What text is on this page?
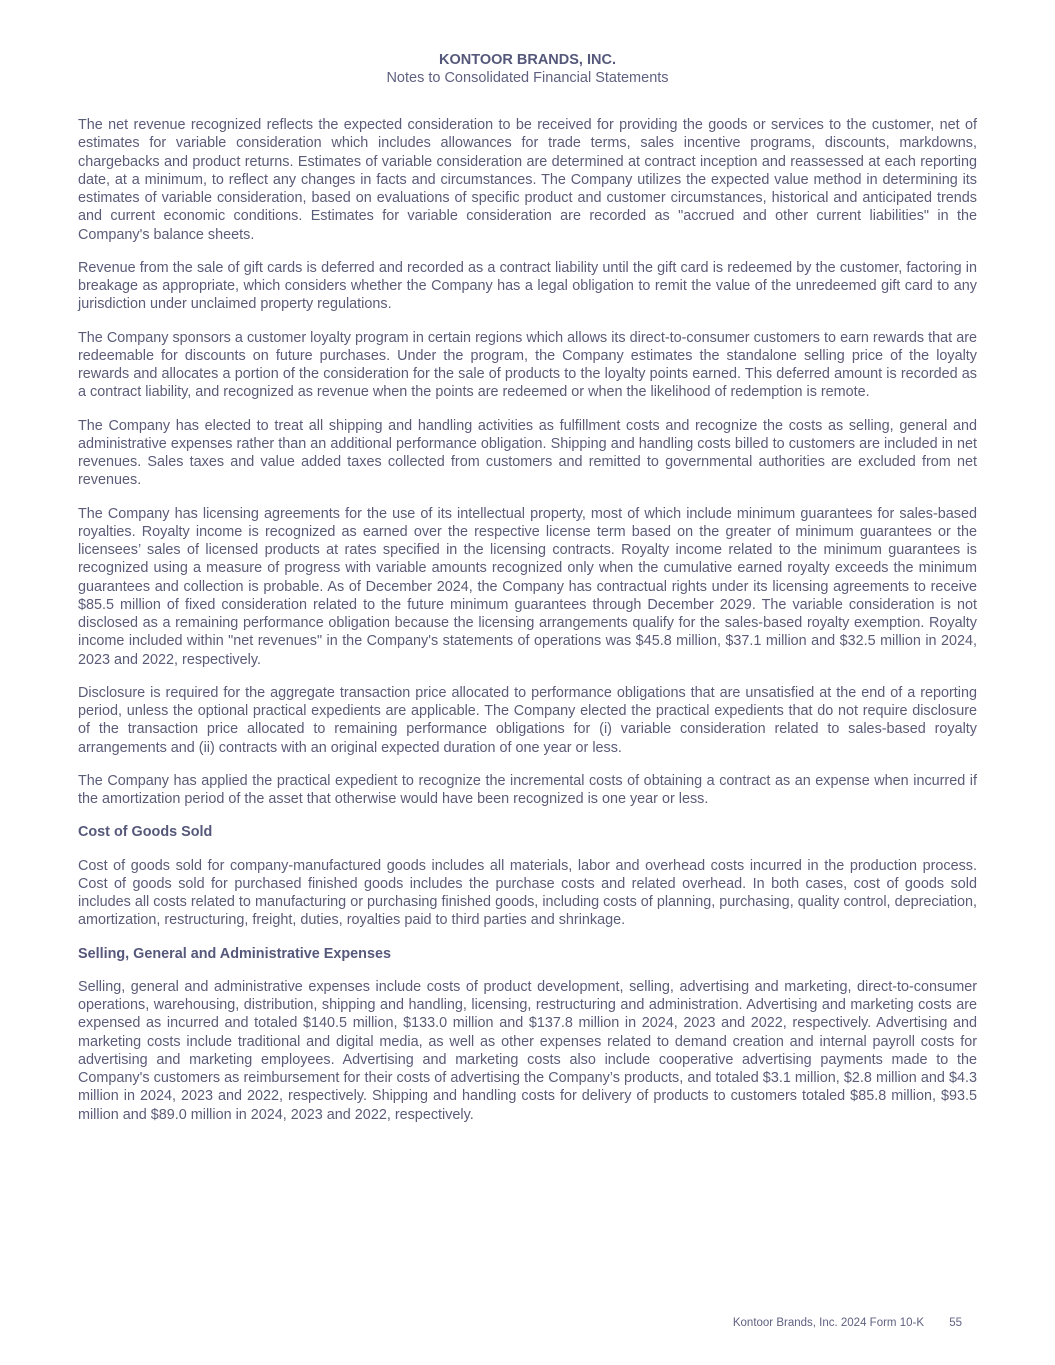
KONTOOR BRANDS, INC.
Notes to Consolidated Financial Statements

The net revenue recognized reflects the expected consideration to be received for providing the goods or services to the customer, net of estimates for variable consideration which includes allowances for trade terms, sales incentive programs, discounts, markdowns, chargebacks and product returns. Estimates of variable consideration are determined at contract inception and reassessed at each reporting date, at a minimum, to reflect any changes in facts and circumstances. The Company utilizes the expected value method in determining its estimates of variable consideration, based on evaluations of specific product and customer circumstances, historical and anticipated trends and current economic conditions. Estimates for variable consideration are recorded as "accrued and other current liabilities" in the Company's balance sheets.

Revenue from the sale of gift cards is deferred and recorded as a contract liability until the gift card is redeemed by the customer, factoring in breakage as appropriate, which considers whether the Company has a legal obligation to remit the value of the unredeemed gift card to any jurisdiction under unclaimed property regulations.

The Company sponsors a customer loyalty program in certain regions which allows its direct-to-consumer customers to earn rewards that are redeemable for discounts on future purchases. Under the program, the Company estimates the standalone selling price of the loyalty rewards and allocates a portion of the consideration for the sale of products to the loyalty points earned. This deferred amount is recorded as a contract liability, and recognized as revenue when the points are redeemed or when the likelihood of redemption is remote.

The Company has elected to treat all shipping and handling activities as fulfillment costs and recognize the costs as selling, general and administrative expenses rather than an additional performance obligation. Shipping and handling costs billed to customers are included in net revenues. Sales taxes and value added taxes collected from customers and remitted to governmental authorities are excluded from net revenues.

The Company has licensing agreements for the use of its intellectual property, most of which include minimum guarantees for sales-based royalties. Royalty income is recognized as earned over the respective license term based on the greater of minimum guarantees or the licensees’ sales of licensed products at rates specified in the licensing contracts. Royalty income related to the minimum guarantees is recognized using a measure of progress with variable amounts recognized only when the cumulative earned royalty exceeds the minimum guarantees and collection is probable. As of December 2024, the Company has contractual rights under its licensing agreements to receive $85.5 million of fixed consideration related to the future minimum guarantees through December 2029. The variable consideration is not disclosed as a remaining performance obligation because the licensing arrangements qualify for the sales-based royalty exemption. Royalty income included within "net revenues" in the Company's statements of operations was $45.8 million, $37.1 million and $32.5 million in 2024, 2023 and 2022, respectively.

Disclosure is required for the aggregate transaction price allocated to performance obligations that are unsatisfied at the end of a reporting period, unless the optional practical expedients are applicable. The Company elected the practical expedients that do not require disclosure of the transaction price allocated to remaining performance obligations for (i) variable consideration related to sales-based royalty arrangements and (ii) contracts with an original expected duration of one year or less.

The Company has applied the practical expedient to recognize the incremental costs of obtaining a contract as an expense when incurred if the amortization period of the asset that otherwise would have been recognized is one year or less.

Cost of Goods Sold

Cost of goods sold for company-manufactured goods includes all materials, labor and overhead costs incurred in the production process. Cost of goods sold for purchased finished goods includes the purchase costs and related overhead. In both cases, cost of goods sold includes all costs related to manufacturing or purchasing finished goods, including costs of planning, purchasing, quality control, depreciation, amortization, restructuring, freight, duties, royalties paid to third parties and shrinkage.

Selling, General and Administrative Expenses

Selling, general and administrative expenses include costs of product development, selling, advertising and marketing, direct-to-consumer operations, warehousing, distribution, shipping and handling, licensing, restructuring and administration. Advertising and marketing costs are expensed as incurred and totaled $140.5 million, $133.0 million and $137.8 million in 2024, 2023 and 2022, respectively. Advertising and marketing costs include traditional and digital media, as well as other expenses related to demand creation and internal payroll costs for advertising and marketing employees. Advertising and marketing costs also include cooperative advertising payments made to the Company's customers as reimbursement for their costs of advertising the Company’s products, and totaled $3.1 million, $2.8 million and $4.3 million in 2024, 2023 and 2022, respectively. Shipping and handling costs for delivery of products to customers totaled $85.8 million, $93.5 million and $89.0 million in 2024, 2023 and 2022, respectively.

Kontoor Brands, Inc. 2024 Form 10-K 55
